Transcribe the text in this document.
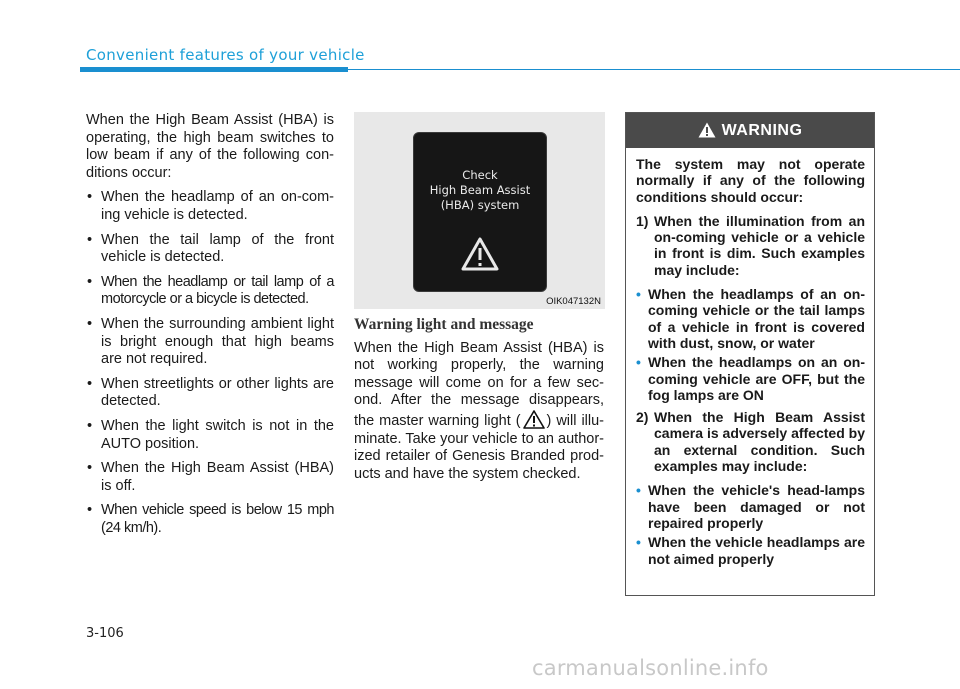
Convenient features of your vehicle

When the High Beam Assist (HBA) is operating, the high beam switches to low beam if any of the following con-ditions occur:

• When the headlamp of an on-com-ing vehicle is detected.
• When the tail lamp of the front vehicle is detected.
• When the headlamp or tail lamp of a motorcycle or a bicycle is detected.
• When the surrounding ambient light is bright enough that high beams are not required.
• When streetlights or other lights are detected.
• When the light switch is not in the AUTO position.
• When the High Beam Assist (HBA) is off.
• When vehicle speed is below 15 mph (24 km/h).
Check
High Beam Assist
(HBA) system
OIK047132N
Warning light and message

When the High Beam Assist (HBA) is not working properly, the warning message will come on for a few sec-ond. After the message disappears, the master warning light ( ) will illu-minate. Take your vehicle to an author-ized retailer of Genesis Branded prod-ucts and have the system checked.

WARNING

The system may not operate normally if any of the following conditions should occur:

1) When the illumination from an on-coming vehicle or a vehicle in front is dim. Such examples may include:
• When the headlamps of an on-coming vehicle or the tail lamps of a vehicle in front is covered with dust, snow, or water
• When the headlamps on an on-coming vehicle are OFF, but the fog lamps are ON
2) When the High Beam Assist camera is adversely affected by an external condition. Such examples may include:
• When the vehicle's head-lamps have been damaged or not repaired properly
• When the vehicle headlamps are not aimed properly
3-106
carmanualsonline.info
